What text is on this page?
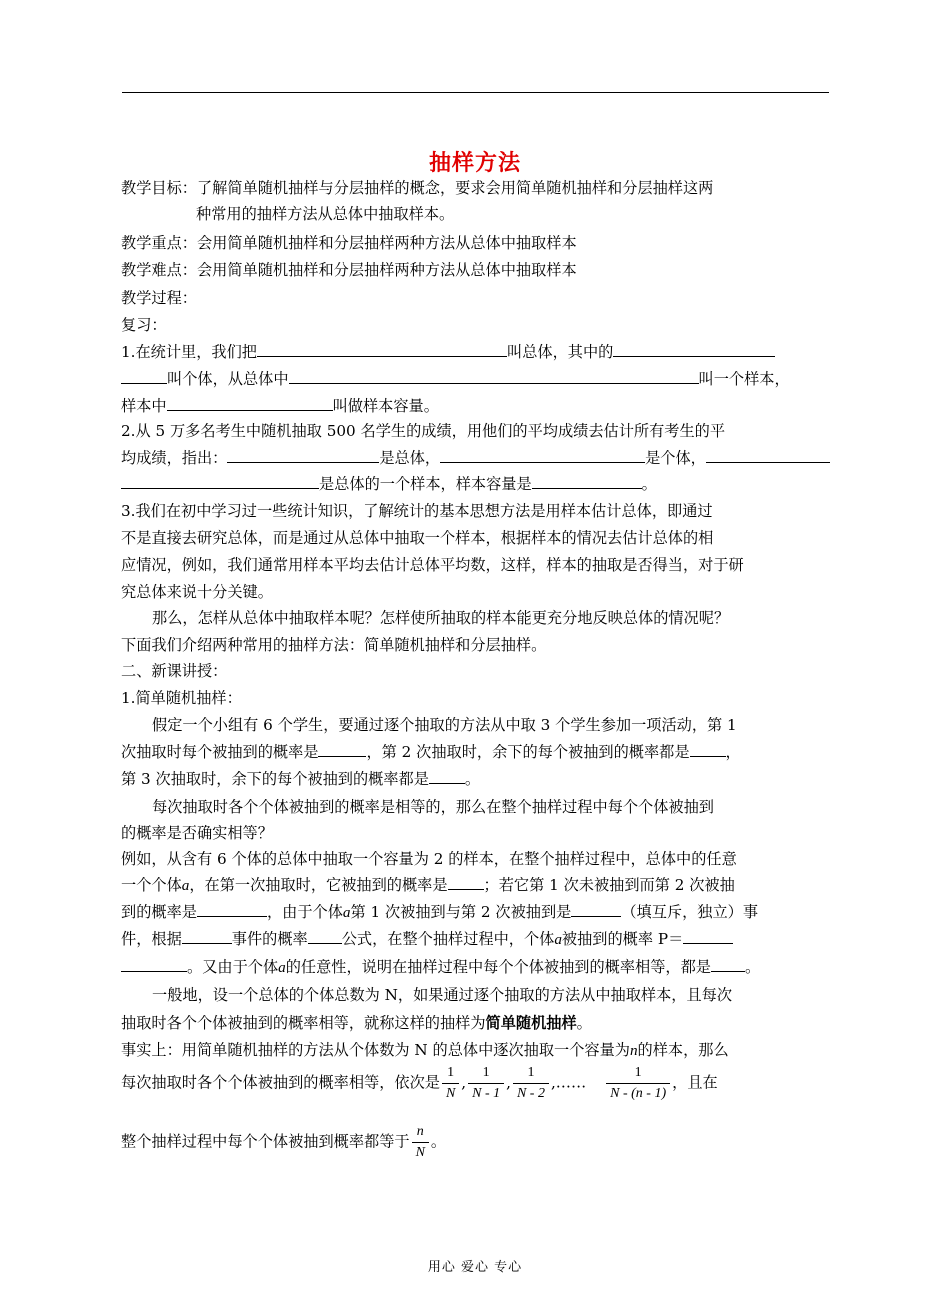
抽样方法
教学目标：了解简单随机抽样与分层抽样的概念，要求会用简单随机抽样和分层抽样这两
种常用的抽样方法从总体中抽取样本。
教学重点：会用简单随机抽样和分层抽样两种方法从总体中抽取样本
教学难点：会用简单随机抽样和分层抽样两种方法从总体中抽取样本
教学过程：
复习：
1.在统计里，我们把	叫总体，其中的
叫个体，从总体中	叫一个样本，
样本中	叫做样本容量。
2.从 5 万多名考生中随机抽取 500 名学生的成绩，用他们的平均成绩去估计所有考生的平
均成绩，指出：	是总体，	是个体，
是总体的一个样本，样本容量是	。
3.我们在初中学习过一些统计知识，了解统计的基本思想方法是用样本估计总体，即通过
不是直接去研究总体，而是通过从总体中抽取一个样本，根据样本的情况去估计总体的相
应情况，例如，我们通常用样本平均去估计总体平均数，这样，样本的抽取是否得当，对于研
究总体来说十分关键。
那么，怎样从总体中抽取样本呢？怎样使所抽取的样本能更充分地反映总体的情况呢？
下面我们介绍两种常用的抽样方法：简单随机抽样和分层抽样。
二、新课讲授：
1.简单随机抽样：
假定一个小组有 6 个学生，要通过逐个抽取的方法从中取 3 个学生参加一项活动，第 1
次抽取时每个被抽到的概率是	，第 2 次抽取时，余下的每个被抽到的概率都是 ，
第 3 次抽取时，余下的每个被抽到的概率都是 。
每次抽取时各个个体被抽到的概率是相等的，那么在整个抽样过程中每个个体被抽到
的概率是否确实相等？
例如，从含有 6 个体的总体中抽取一个容量为 2 的样本，在整个抽样过程中，总体中的任意
一个个体a，在第一次抽取时，它被抽到的概率是 ；若它第 1 次未被抽到而第 2 次被抽
到的概率是	，由于个体a第 1 次被抽到与第 2 次被抽到是	（填互斥，独立）事
件，根据	事件的概率 公式，在整个抽样过程中，个体a被抽到的概率 P＝
。又由于个体a的任意性，说明在抽样过程中每个个体被抽到的概率相等，都是 。
一般地，设一个总体的个体总数为 N，如果通过逐个抽取的方法从中抽取样本，且每次
抽取时各个个体被抽到的概率相等，就称这样的抽样为简单随机抽样。
事实上：用简单随机抽样的方法从个体数为 N 的总体中逐次抽取一个容量为n的样本，那么
每次抽取时各个个体被抽到的概率相等，依次是 $\frac{1}{N}$ , $\frac{1}{N - 1}$ , $\frac{1}{N - 2}$ ,…… $\frac{1}{N - (n - 1)}$ ，且在
整个抽样过程中每个个体被抽到概率都等于 $\frac{n}{N}$ 。
用心 爱心 专心
